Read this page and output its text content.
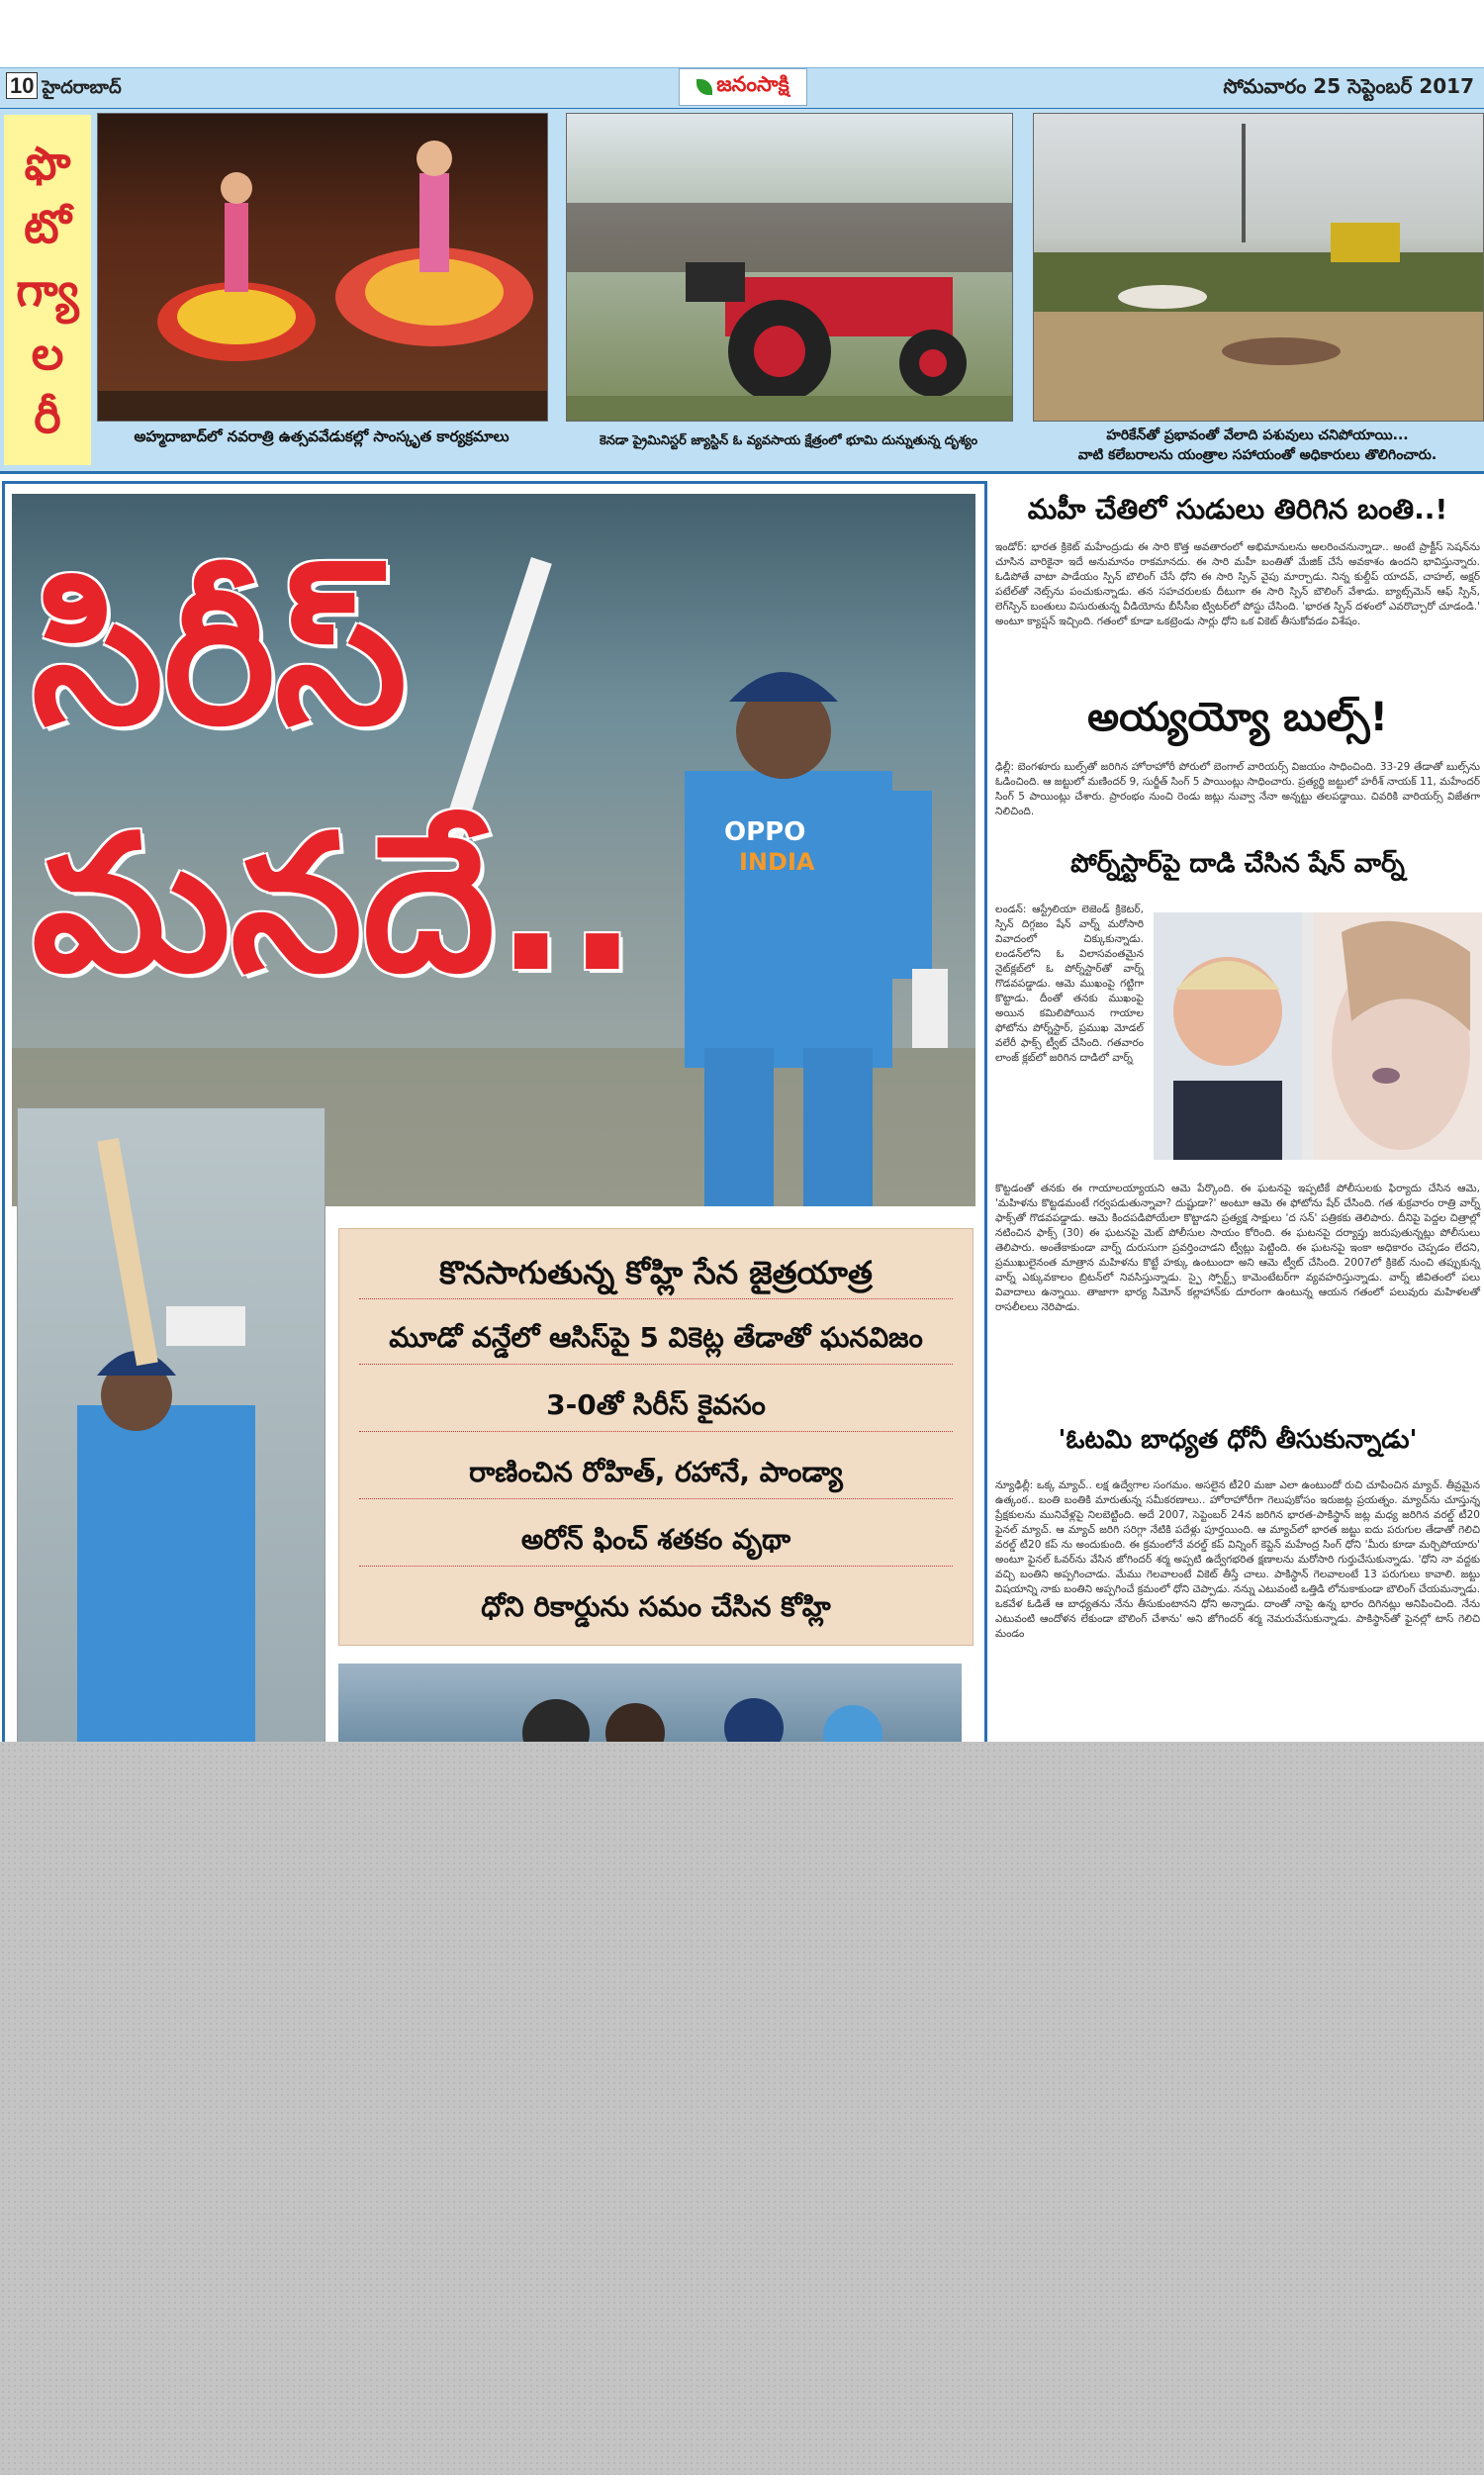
10 హైదరాబాద్	జనంసాక్షి	సోమవారం 25 సెప్టెంబర్ 2017
ఫొ
టో
గ్యా
ల
రీ	అహ్మదాబాద్‌లో నవరాత్రి ఉత్సవవేడుకల్లో సాంస్కృత కార్యక్రమాలు	కెనడా ప్రైమినిస్టర్ జ్యాస్టిన్ ఓ వ్యవసాయ క్షేత్రంలో భూమి దున్నుతున్న దృశ్యం	హరికేన్‌తో ప్రభావంతో వేలాది పశువులు చనిపోయాయి...
వాటి కలేబరాలను యంత్రాల సహాయంతో అధికారులు తొలిగించారు.
OPPO
INDIA
సిరీస్
మనదే..
కొనసాగుతున్న కోహ్లి సేన జైత్రయాత్ర
మూడో వన్డేలో ఆసిస్‌పై 5 వికెట్ల తేడాతో ఘనవిజం
3-0తో సిరీస్ కైవసం
రాణించిన రోహిత్, రహానే, పాండ్యా
అరోన్ ఫించ్ శతకం వృథా
ధోని రికార్డును సమం చేసిన కోహ్లి
మహీ చేతిలో సుడులు తిరిగిన బంతి..!
ఇండోర్‌: భారత క్రికెట్ మహేంద్రుడు ఈ సారి కొత్త అవతారంలో అభిమానులను అలరించనున్నాడా.. అంటే ప్రాక్టీస్ సెషన్‌ను చూసిన వారికైనా ఇదే అనుమానం రాకమానదు. ఈ సారి మహీ బంతితో మేజిక్ చేసే అవకాశం ఉందని భావిస్తున్నారు. ఓడిపోతే వాటా పాడేయం స్పిన్ బౌలింగ్ చేసే ధోని ఈ సారి స్పిన్ వైపు మార్చాడు. నిన్న కుల్దీప్ యాదవ్, చాహల్, అక్షర్ పటేల్‌తో నెట్స్‌ను పంచుకున్నాడు. తన సహచరులకు దీటుగా ఈ సారి స్పిన్ బౌలింగ్ వేశాడు. బ్యాట్స్‌మెన్ ఆఫ్ స్పిన్, లెగ్‌స్పిన్ బంతులు విసురుతున్న వీడియోను బీసీసీఐ ట్విటర్‌లో పోస్టు చేసింది. 'భారత స్పిన్ దళంలో ఎవరొచ్చారో చూడండి.' అంటూ క్యాప్షన్ ఇచ్చింది. గతంలో కూడా ఒకట్రెండు సార్లు ధోని ఒక వికెట్ తీసుకోవడం విశేషం.
అయ్యయ్యో బుల్స్!
ఢిల్లీ: బెంగళూరు బుల్స్‌తో జరిగిన హోరాహోరీ పోరులో బెంగాల్ వారియర్స్ విజయం సాధించింది. 33-29 తేడాతో బుల్స్‌ను ఓడించింది. ఆ జట్టులో మణిందర్ 9, సుర్జీత్ సింగ్ 5 పాయింట్లు సాధించారు. ప్రత్యర్థి జట్టులో హరీశ్ నాయక్ 11, మహేందర్ సింగ్ 5 పాయింట్లు చేశారు. ప్రారంభం నుంచి రెండు జట్లు నువ్వా నేనా అన్నట్టు తలపడ్డాయి. చివరికి వారియర్స్ విజేతగా నిలిచింది.
పోర్న్‌స్టార్‌పై దాడి చేసిన షేన్ వార్న్
లండన్: ఆస్ట్రేలియా లెజెండ్ క్రికెటర్, స్పిన్ దిగ్గజం షేన్ వార్న్ మరోసారి వివాదంలో చిక్కుకున్నాడు. లండన్‌లోని ఓ విలాసవంతమైన నైట్‌క్లబ్‌లో ఓ పోర్న్‌స్టార్‌తో వార్న్ గొడవపడ్డాడు. ఆమె ముఖంపై గట్టిగా కొట్టాడు. దీంతో తనకు ముఖంపై అయిన కమిలిపోయిన గాయాల ఫోటోను పోర్న్‌స్టార్, ప్రముఖ మోడల్ వలేరీ ఫాక్స్ ట్వీట్ చేసింది. గతవారం లాంజ్ క్లబ్‌లో జరిగిన దాడిలో వార్న్
కొట్టడంతో తనకు ఈ గాయాలయ్యాయని ఆమె పేర్కొంది. ఈ ఘటనపై ఇప్పటికే పోలీసులకు ఫిర్యాదు చేసిన ఆమె, 'మహిళను కొట్టడమంటే గర్వపడుతున్నావా? దుష్టుడా?' అంటూ ఆమె ఈ ఫోటోను షేర్ చేసింది. గత శుక్రవారం రాత్రి వార్న్ ఫాక్స్‌తో గొడవపడ్డాడు. ఆమె కిందపడిపోయేలా కొట్టాడని ప్రత్యక్ష సాక్షులు 'ద సన్' పత్రికకు తెలిపారు. దీనిపై పెద్దల చిత్రాల్లో నటించిన ఫాక్స్ (30) ఈ ఘటనపై మెట్ పోలీసుల సాయం కోరింది. ఈ ఘటనపై దర్యాప్తు జరుపుతున్నట్లు పోలీసులు తెలిపారు. అంతేకాకుండా వార్న్ దురుసుగా ప్రవర్తించాడని ట్వీట్లు పెట్టింది. ఈ ఘటనపై ఇంకా అధికారం చెప్పడం లేదని, ప్రముఖులైనంత మాత్రాన మహిళను కొట్టే హక్కు ఉంటుందా అని ఆమె ట్వీట్ చేసింది. 2007లో క్రికెట్ నుంచి తప్పుకున్న వార్న్ ఎక్కువకాలం బ్రిటన్‌లో నివసిస్తున్నాడు. స్పై స్పోర్ట్స్ కామెంటేటర్‌గా వ్యవహరిస్తున్నాడు. వార్న్ జీవితంలో పలు వివాదాలు ఉన్నాయి. తాజాగా భార్య సిమోన్ కల్లాహాన్‌కు దూరంగా ఉంటున్న ఆయన గతంలో పలువురు మహిళలతో రాసలీలలు నెరిపాడు.
'ఓటమి బాధ్యత ధోనీ తీసుకున్నాడు'
న్యూఢిల్లీ: ఒక్క మ్యాచ్.. లక్ష ఉద్వేగాల సంగమం. అసలైన టీ20 మజా ఎలా ఉంటుందో రుచి చూపించిన మ్యాచ్. తీవ్రమైన ఉత్కంఠ.. బంతి బంతికి మారుతున్న సమీకరణాలు.. హోరాహోరీగా గెలుపుకోసం ఇరుజట్ల ప్రయత్నం. మ్యాచ్‌ను చూస్తున్న ప్రేక్షకులను మునివేళ్లపై నిలబెట్టింది. అదే 2007, సెప్టెంబర్ 24న జరిగిన భారత-పాకిస్థాన్ జట్ల మధ్య జరిగిన వరల్డ్ టీ20 ఫైనల్ మ్యాచ్. ఆ మ్యాచ్ జరిగి సరిగ్గా నేటికి పదేళ్లు పూర్తయింది. ఆ మ్యాచ్‌లో భారత జట్టు ఐదు పరుగుల తేడాతో గెలిచి వరల్డ్ టీ20 కప్ ను అందుకుంది. ఈ క్రమంలోనే వరల్డ్ కప్ విన్నింగ్ కెప్టెన్ మహేంద్ర సింగ్ ధోని 'మీరు కూడా మర్చిపోయారు' అంటూ ఫైనల్ ఓవర్‌ను వేసిన జోగిందర్ శర్మ అప్పటి ఉద్వేగభరిత క్షణాలను మరోసారి గుర్తుచేసుకున్నాడు. 'ధోని నా వద్దకు వచ్చి బంతిని అప్పగించాడు. మేము గెలవాలంటే వికెట్ తీస్తే చాలు. పాకిస్థాన్ గెలవాలంటే 13 పరుగులు కావాలి. జట్టు విషయాన్ని నాకు బంతిని అప్పగించే క్రమంలో ధోని చెప్పాడు. నన్ను ఎటువంటి ఒత్తిడి లోనుకాకుండా బౌలింగ్ చేయమన్నాడు. ఒకవేళ ఓడితే ఆ బాధ్యతను నేను తీసుకుంటానని ధోని అన్నాడు. దాంతో నాపై ఉన్న భారం దిగినట్లు అనిపించింది. నేను ఎటువంటి ఆందోళన లేకుండా బౌలింగ్ చేశాను' అని జోగిందర్ శర్మ నెమరువేసుకున్నాడు. పాకిస్థాన్‌తో ఫైనల్లో టాస్ గెలిచి మండం
